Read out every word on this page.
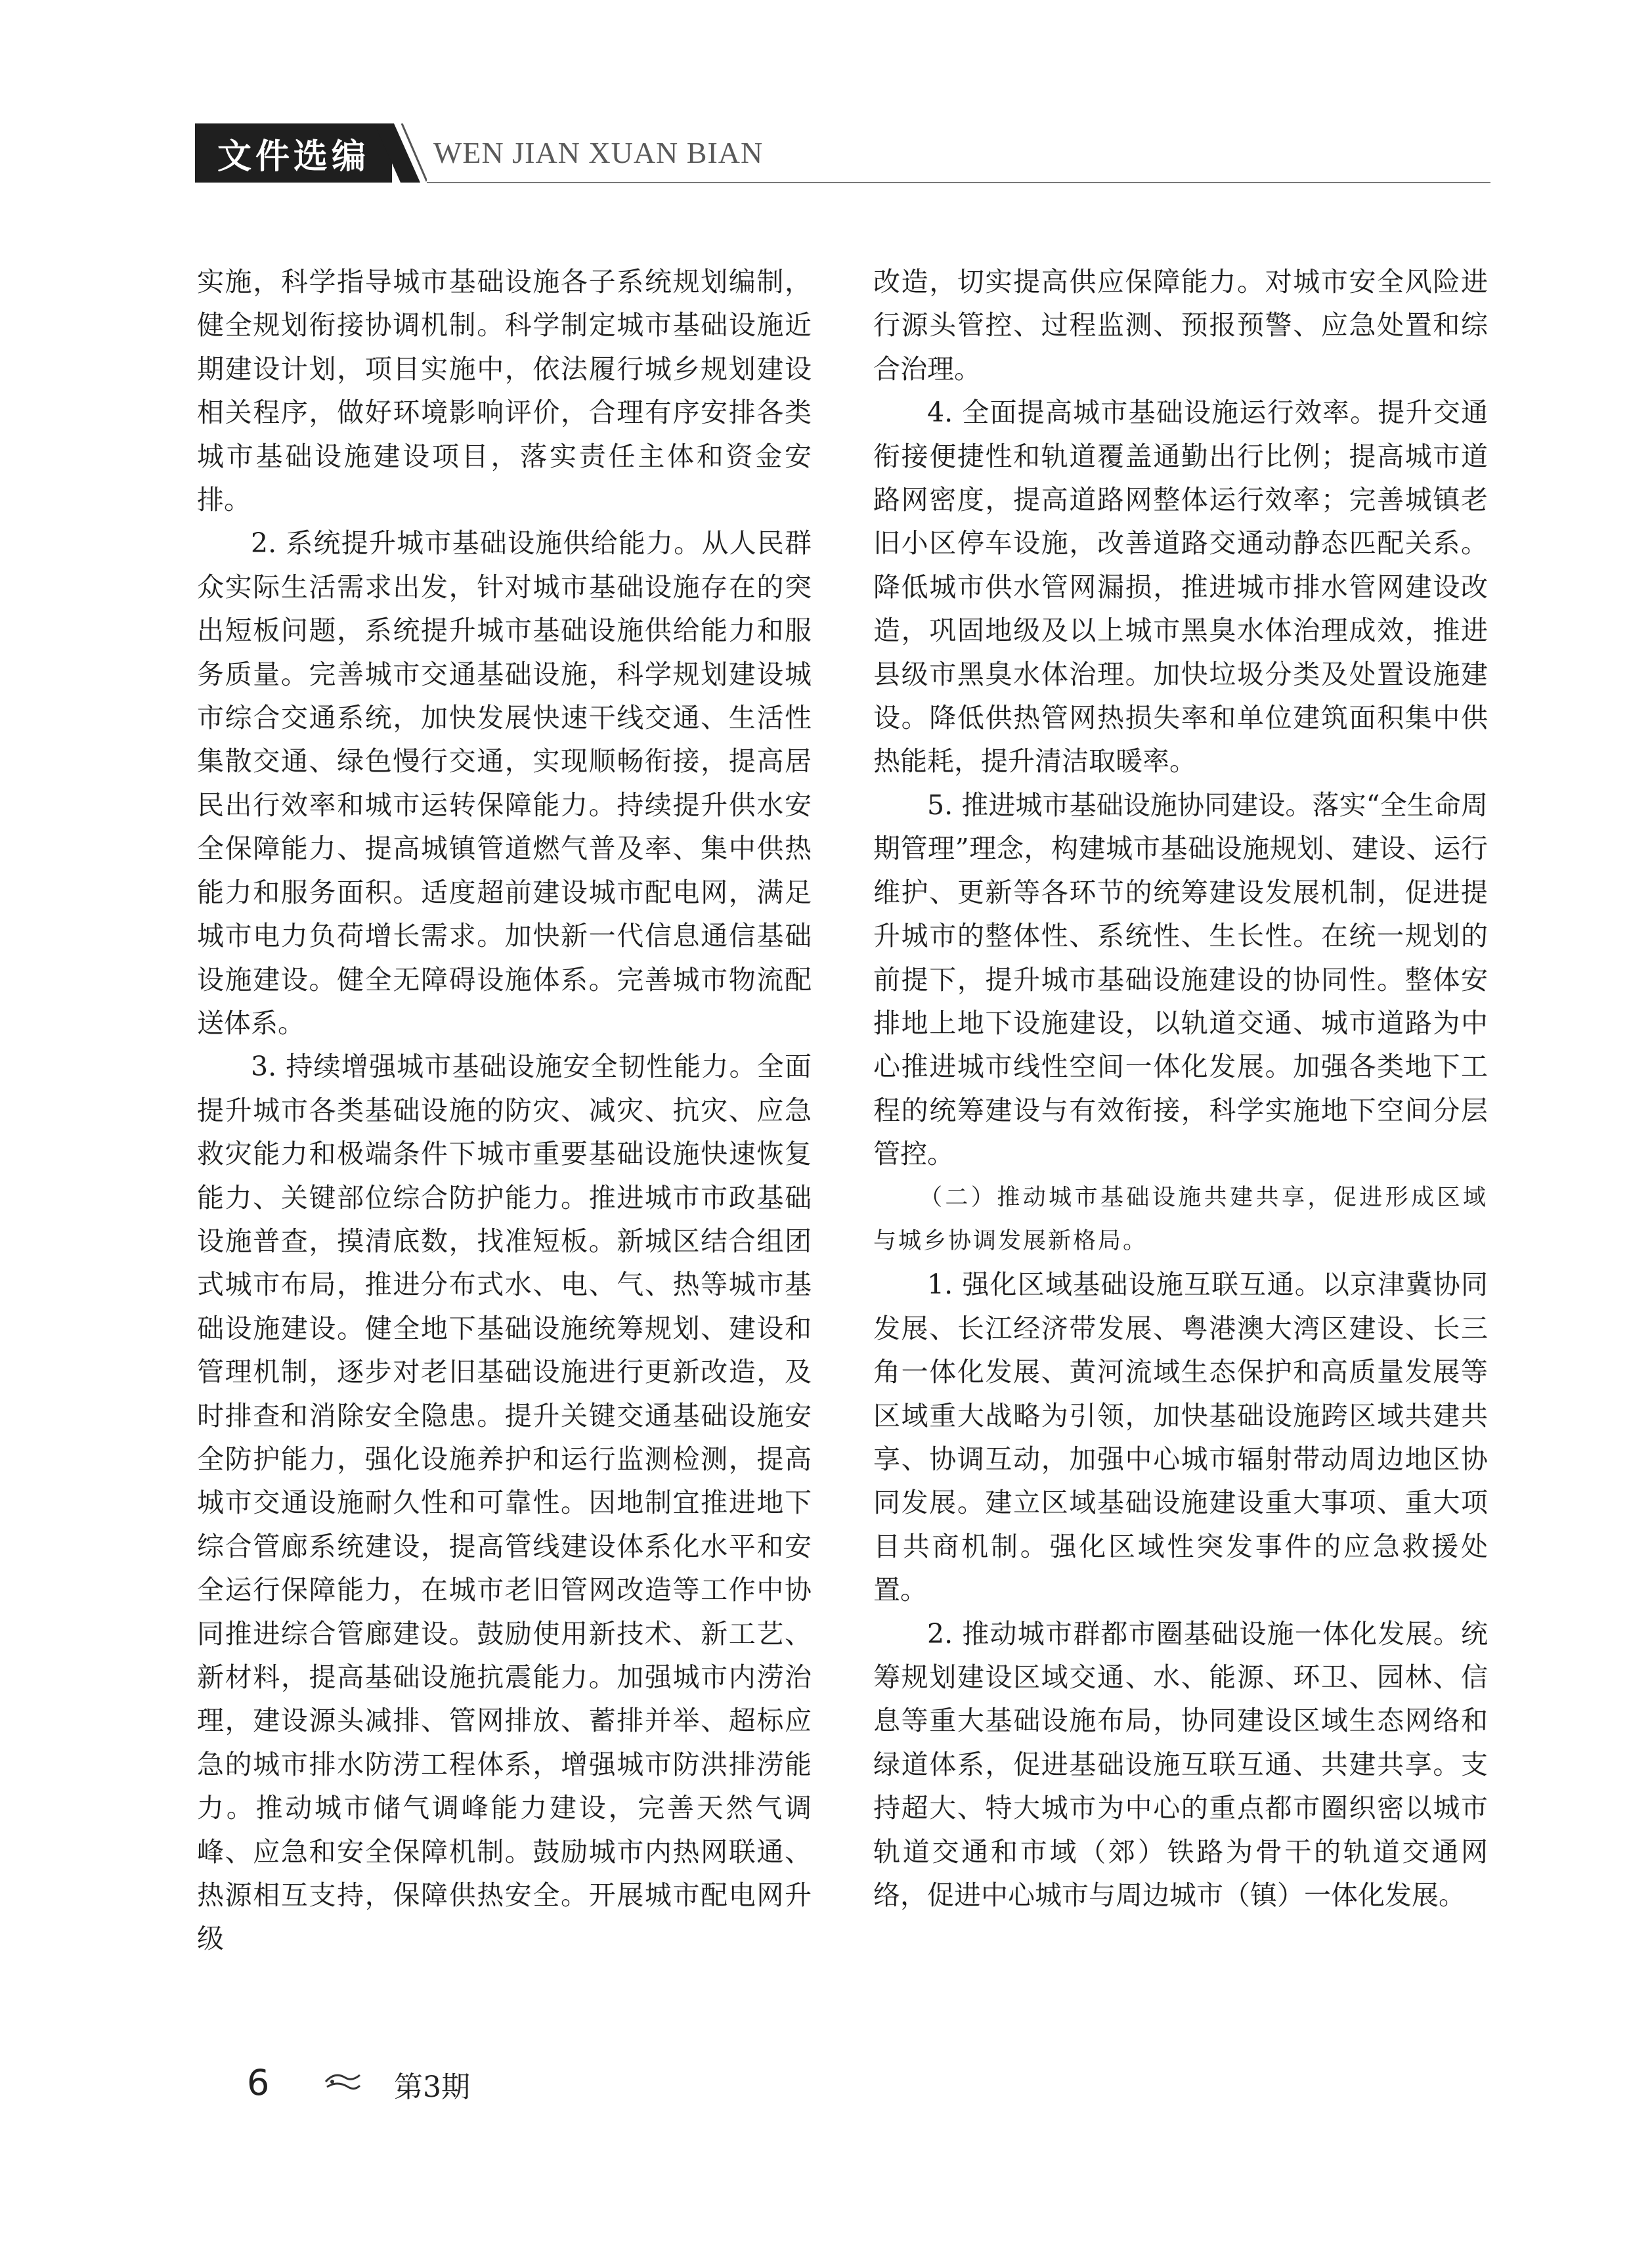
文件选编	WEN JIAN XUAN BIAN

实施，科学指导城市基础设施各子系统规划编制，健全规划衔接协调机制。科学制定城市基础设施近期建设计划，项目实施中，依法履行城乡规划建设相关程序，做好环境影响评价，合理有序安排各类城市基础设施建设项目，落实责任主体和资金安排。

2. 系统提升城市基础设施供给能力。从人民群众实际生活需求出发，针对城市基础设施存在的突出短板问题，系统提升城市基础设施供给能力和服务质量。完善城市交通基础设施，科学规划建设城市综合交通系统，加快发展快速干线交通、生活性集散交通、绿色慢行交通，实现顺畅衔接，提高居民出行效率和城市运转保障能力。持续提升供水安全保障能力、提高城镇管道燃气普及率、集中供热能力和服务面积。适度超前建设城市配电网，满足城市电力负荷增长需求。加快新一代信息通信基础设施建设。健全无障碍设施体系。完善城市物流配送体系。

3. 持续增强城市基础设施安全韧性能力。全面提升城市各类基础设施的防灾、减灾、抗灾、应急救灾能力和极端条件下城市重要基础设施快速恢复能力、关键部位综合防护能力。推进城市市政基础设施普查，摸清底数，找准短板。新城区结合组团式城市布局，推进分布式水、电、气、热等城市基础设施建设。健全地下基础设施统筹规划、建设和管理机制，逐步对老旧基础设施进行更新改造，及时排查和消除安全隐患。提升关键交通基础设施安全防护能力，强化设施养护和运行监测检测，提高城市交通设施耐久性和可靠性。因地制宜推进地下综合管廊系统建设，提高管线建设体系化水平和安全运行保障能力，在城市老旧管网改造等工作中协同推进综合管廊建设。鼓励使用新技术、新工艺、新材料，提高基础设施抗震能力。加强城市内涝治理，建设源头减排、管网排放、蓄排并举、超标应急的城市排水防涝工程体系，增强城市防洪排涝能力。推动城市储气调峰能力建设，完善天然气调峰、应急和安全保障机制。鼓励城市内热网联通、热源相互支持，保障供热安全。开展城市配电网升级

改造，切实提高供应保障能力。对城市安全风险进行源头管控、过程监测、预报预警、应急处置和综合治理。

4. 全面提高城市基础设施运行效率。提升交通衔接便捷性和轨道覆盖通勤出行比例；提高城市道路网密度，提高道路网整体运行效率；完善城镇老旧小区停车设施，改善道路交通动静态匹配关系。降低城市供水管网漏损，推进城市排水管网建设改造，巩固地级及以上城市黑臭水体治理成效，推进县级市黑臭水体治理。加快垃圾分类及处置设施建设。降低供热管网热损失率和单位建筑面积集中供热能耗，提升清洁取暖率。

5. 推进城市基础设施协同建设。落实“全生命周期管理”理念，构建城市基础设施规划、建设、运行维护、更新等各环节的统筹建设发展机制，促进提升城市的整体性、系统性、生长性。在统一规划的前提下，提升城市基础设施建设的协同性。整体安排地上地下设施建设，以轨道交通、城市道路为中心推进城市线性空间一体化发展。加强各类地下工程的统筹建设与有效衔接，科学实施地下空间分层管控。

（二）推动城市基础设施共建共享，促进形成区域与城乡协调发展新格局。

1. 强化区域基础设施互联互通。以京津冀协同发展、长江经济带发展、粤港澳大湾区建设、长三角一体化发展、黄河流域生态保护和高质量发展等区域重大战略为引领，加快基础设施跨区域共建共享、协调互动，加强中心城市辐射带动周边地区协同发展。建立区域基础设施建设重大事项、重大项目共商机制。强化区域性突发事件的应急救援处置。

2. 推动城市群都市圈基础设施一体化发展。统筹规划建设区域交通、水、能源、环卫、园林、信息等重大基础设施布局，协同建设区域生态网络和绿道体系，促进基础设施互联互通、共建共享。支持超大、特大城市为中心的重点都市圈织密以城市轨道交通和市域（郊）铁路为骨干的轨道交通网络，促进中心城市与周边城市（镇）一体化发展。

6	第3期
